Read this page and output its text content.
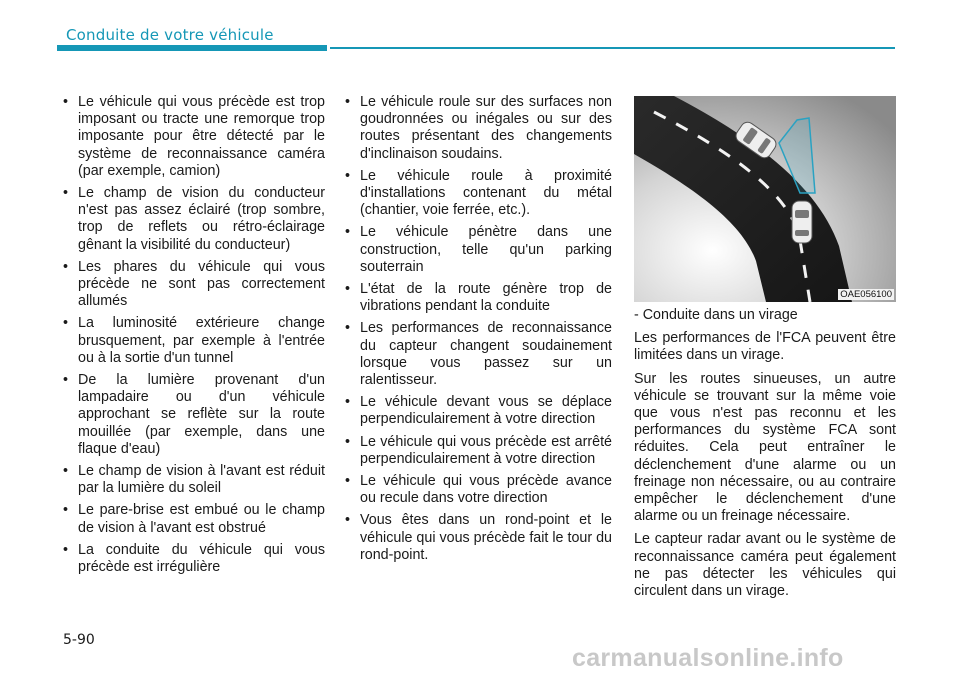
Conduite de votre véhicule
• Le véhicule qui vous précède est trop imposant ou tracte une remorque trop imposante pour être détecté par le système de reconnaissance caméra (par exemple, camion)
• Le champ de vision du conducteur n'est pas assez éclairé (trop sombre, trop de reflets ou rétro-éclairage gênant la visibilité du conducteur)
• Les phares du véhicule qui vous précède ne sont pas correctement allumés
• La luminosité extérieure change brusquement, par exemple à l'entrée ou à la sortie d'un tunnel
• De la lumière provenant d'un lampadaire ou d'un véhicule approchant se reflète sur la route mouillée (par exemple, dans une flaque d'eau)
• Le champ de vision à l'avant est réduit par la lumière du soleil
• Le pare-brise est embué ou le champ de vision à l'avant est obstrué
• La conduite du véhicule qui vous précède est irrégulière
• Le véhicule roule sur des surfaces non goudronnées ou inégales ou sur des routes présentant des changements d'inclinaison soudains.
• Le véhicule roule à proximité d'installations contenant du métal (chantier, voie ferrée, etc.).
• Le véhicule pénètre dans une construction, telle qu'un parking souterrain
• L'état de la route génère trop de vibrations pendant la conduite
• Les performances de reconnaissance du capteur changent soudainement lorsque vous passez sur un ralentisseur.
• Le véhicule devant vous se déplace perpendiculairement à votre direction
• Le véhicule qui vous précède est arrêté perpendiculairement à votre direction
• Le véhicule qui vous précède avance ou recule dans votre direction
• Vous êtes dans un rond-point et le véhicule qui vous précède fait le tour du rond-point.
OAE056100

- Conduite dans un virage

Les performances de l'FCA peuvent être limitées dans un virage.

Sur les routes sinueuses, un autre véhicule se trouvant sur la même voie que vous n'est pas reconnu et les performances du système FCA sont réduites. Cela peut entraîner le déclenchement d'une alarme ou un freinage non nécessaire, ou au contraire empêcher le déclenchement d'une alarme ou un freinage nécessaire.

Le capteur radar avant ou le système de reconnaissance caméra peut également ne pas détecter les véhicules qui circulent dans un virage.

5-90
carmanualsonline.info
